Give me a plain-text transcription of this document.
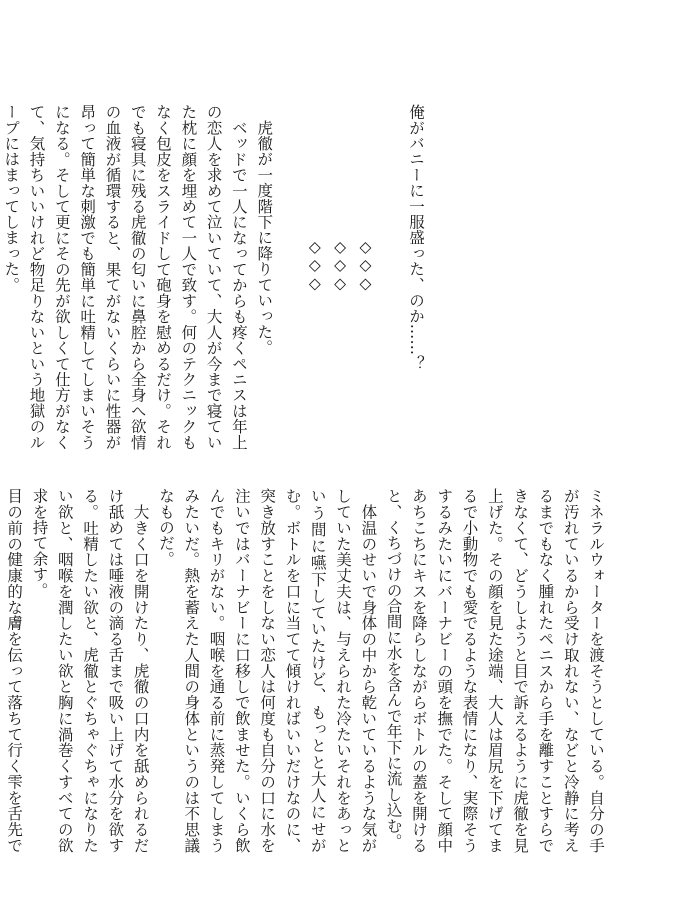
俺がバニーに一服盛った、のか……？

◇◇◇
◇◇◇
◇◇◇

　虎徹が一度階下に降りていった。

　ベッドで一人になってからも疼くペニスは年上の恋人を求めて泣いていて、大人が今まで寝ていた枕に顔を埋めて一人で致す。何のテクニックもなく包皮をスライドして砲身を慰めるだけ。それでも寝具に残る虎徹の匂いに鼻腔から全身へ欲情の血液が循環すると、果てがないくらいに性器が昂って簡単な刺激でも簡単に吐精してしまいそうになる。そして更にその先が欲しくて仕方がなくて、気持ちいいけれど物足りないという地獄のループにはまってしまった。

ミネラルウォーターを渡そうとしている。自分の手が汚れているから受け取れない、などと冷静に考えるまでもなく腫れたペニスから手を離すことすらできなくて、どうしようと目で訴えるように虎徹を見上げた。その顔を見た途端、大人は眉尻を下げてまるで小動物でも愛でるような表情になり、実際そうするみたいにバーナビーの頭を撫でた。そして顔中あちこちにキスを降らしながらボトルの蓋を開けると、くちづけの合間に水を含んで年下に流し込む。

　体温のせいで身体の中から乾いているような気がしていた美丈夫は、与えられた冷たいそれをあっという間に嚥下していたけど、もっとと大人にせがむ。ボトルを口に当てて傾ければいいだけなのに、突き放すことをしない恋人は何度も自分の口に水を注いではバーナビーに口移しで飲ませた。いくら飲んでもキリがない。咽喉を通る前に蒸発してしまうみたいだ。熱を蓄えた人間の身体というのは不思議なものだ。

　大きく口を開けたり、虎徹の口内を舐められるだけ舐めては唾液の滴る舌まで吸い上げて水分を欲する。吐精したい欲と、虎徹とぐちゃぐちゃになりたい欲と、咽喉を潤したい欲と胸に渦巻くすべての欲求を持て余す。

目の前の健康的な膚を伝って落ちて行く雫を舌先で
